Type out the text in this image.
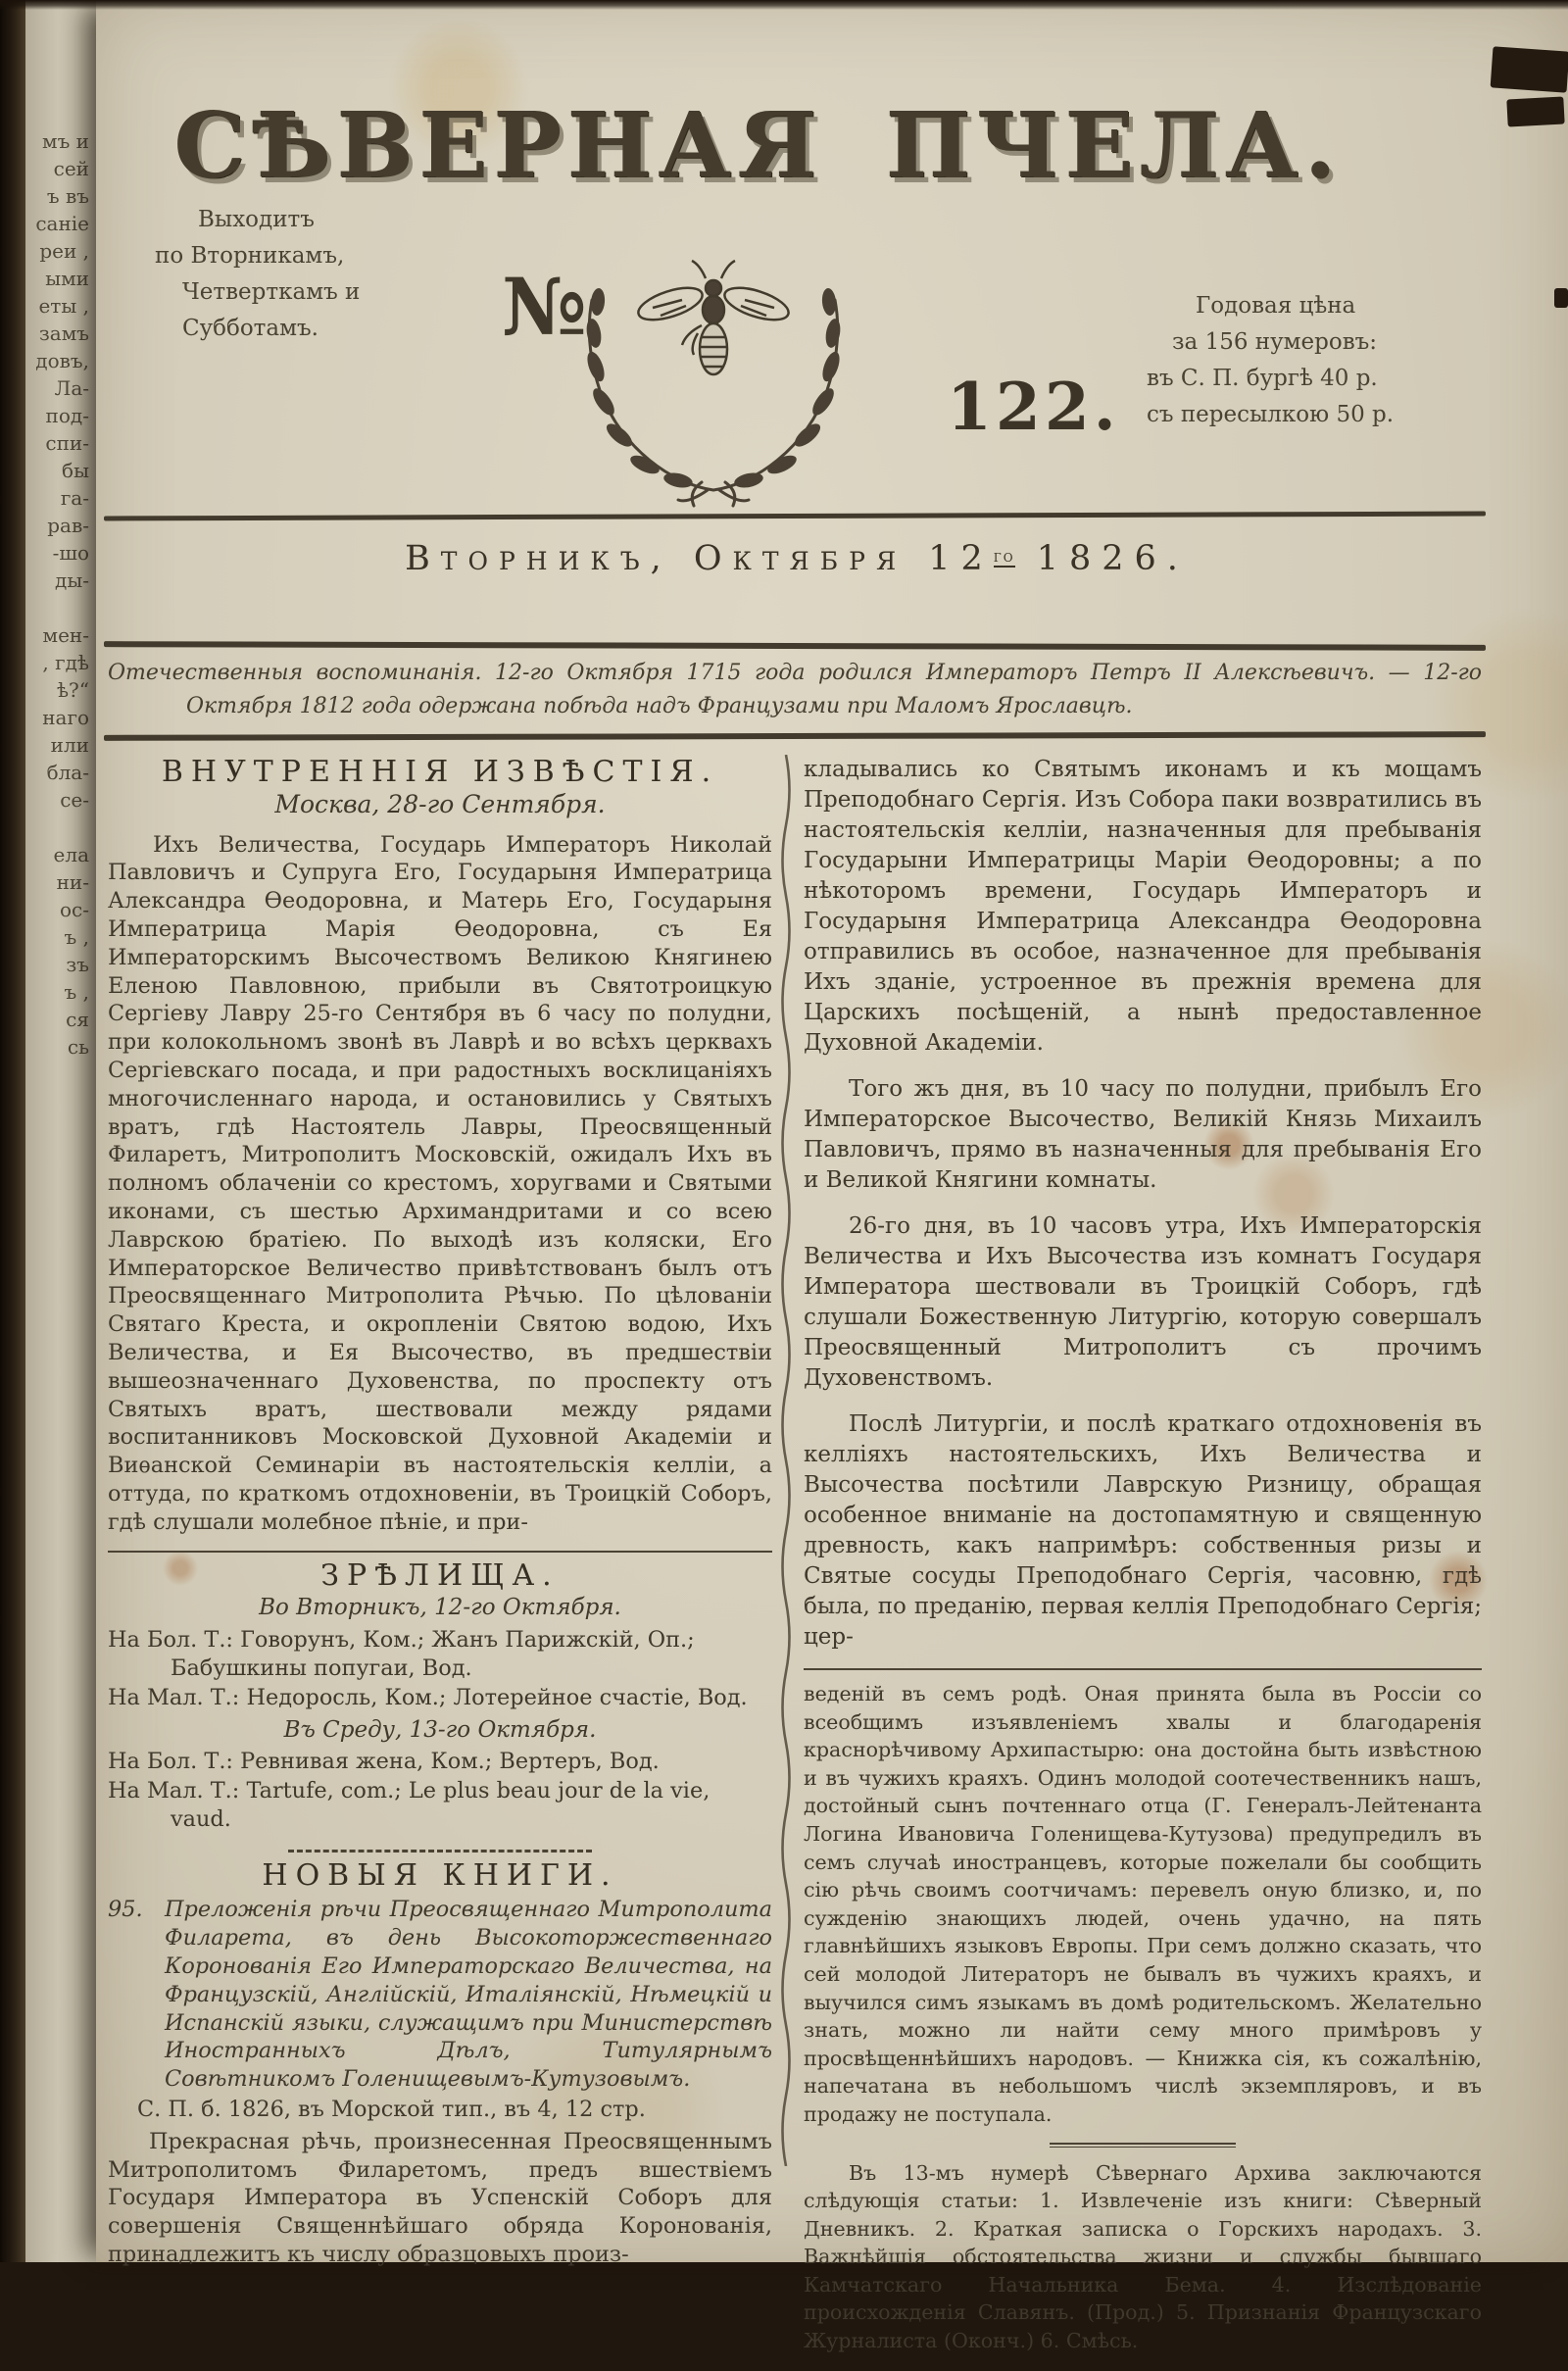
мъ и
сей
ъ въ
саніе
реи ,
ыми
еты ,
замъ
довъ,
Ла-
под-
спи-
бы
га-
рав-
-шо
ды-
мен-
, гдѣ
ѣ?“
наго
или
бла-
се-
ела
ни-
ос-
ъ ,
зъ
ъ ,
ся
сь
СѢВЕРНАЯ ПЧЕЛА.
Выходитъ
по Вторникамъ,
Четверткамъ и
Субботамъ.	№
122.
Годовая цѣна
за 156 нумеровъ:
въ С. П. бургѣ 40 р.
съ пересылкою 50 р.
Вторникъ, Октября $12^{го}$ 1826.
Отечественныя воспоминанія. 12-го Октября 1715 года родился Императоръ Петръ II Алексѣевичъ. — 12-го
Октября 1812 года одержана побѣда надъ Французами при Маломъ Ярославцѣ.
ВНУТРЕННІЯ ИЗВѢСТІЯ.
Москва, 28-го Сентября.

Ихъ Величества, Государь Императоръ Николай Павловичъ и Супруга Его, Государыня Императрица Александра Ѳеодоровна, и Матерь Его, Государыня Императрица Марія Ѳеодоровна, съ Ея Императорскимъ Высочествомъ Великою Княгинею Еленою Павловною, прибыли въ Святотроицкую Сергіеву Лавру 25-го Сентября въ 6 часу по полудни, при колокольномъ звонѣ въ Лаврѣ и во всѣхъ церквахъ Сергіевскаго посада, и при радостныхъ восклицаніяхъ многочисленнаго народа, и остановились у Святыхъ вратъ, гдѣ Настоятель Лавры, Преосвященный Филаретъ, Митрополитъ Московскій, ожидалъ Ихъ въ полномъ облаченіи со крестомъ, хоругвами и Святыми иконами, съ шестью Архимандритами и со всею Лаврскою братіею. По выходѣ изъ коляски, Его Императорское Величество привѣтствованъ былъ отъ Преосвященнаго Митрополита Рѣчью. По цѣлованіи Святаго Креста, и окропленіи Святою водою, Ихъ Величества, и Ея Высочество, въ предшествіи вышеозначеннаго Духовенства, по проспекту отъ Святыхъ вратъ, шествовали между рядами воспитанниковъ Московской Духовной Академіи и Виѳанской Семинаріи въ настоятельскія келліи, а оттуда, по краткомъ отдохновеніи, въ Троицкій Соборъ, гдѣ слушали молебное пѣніе, и при-

ЗРѢЛИЩА.
Во Вторникъ, 12-го Октября.
На Бол. Т.: Говорунъ, Ком.; Жанъ Парижскій, Оп.; Бабушкины попугаи, Вод.
На Мал. Т.: Недоросль, Ком.; Лотерейное счастіе, Вод.
Въ Среду, 13-го Октября.
На Бол. Т.: Ревнивая жена, Ком.; Вертеръ, Вод.
На Мал. Т.: Tartufe, com.; Le plus beau jour de la vie, vaud.
НОВЫЯ КНИГИ.
95. Преложенія рѣчи Преосвященнаго Митрополита Филарета, въ день Высокоторжественнаго Коронованія Его Императорскаго Величества, на Французскій, Англійскій, Италіянскій, Нѣмецкій и Испанскій языки, служащимъ при Министерствѣ Иностранныхъ Дѣлъ, Титулярнымъ Совѣтникомъ Голенищевымъ-Кутузовымъ.
С. П. б. 1826, въ Морской тип., въ 4, 12 стр.

Прекрасная рѣчь, произнесенная Преосвященнымъ Митрополитомъ Филаретомъ, предъ вшествіемъ Государя Императора въ Успенскій Соборъ для совершенія Священнѣйшаго обряда Коронованія, принадлежитъ къ числу образцовыхъ произ-

кладывались ко Святымъ иконамъ и къ мощамъ Преподобнаго Сергія. Изъ Собора паки возвратились въ настоятельскія келліи, назначенныя для пребыванія Государыни Императрицы Маріи Ѳеодоровны; а по нѣкоторомъ времени, Государь Императоръ и Государыня Императрица Александра Ѳеодоровна отправились въ особое, назначенное для пребыванія Ихъ зданіе, устроенное въ прежнія времена для Царскихъ посѣщеній, а нынѣ предоставленное Духовной Академіи.

Того жъ дня, въ 10 часу по полудни, прибылъ Его Императорское Высочество, Великій Князь Михаилъ Павловичъ, прямо въ назначенныя для пребыванія Его и Великой Княгини комнаты.

26-го дня, въ 10 часовъ утра, Ихъ Императорскія Величества и Ихъ Высочества изъ комнатъ Государя Императора шествовали въ Троицкій Соборъ, гдѣ слушали Божественную Литургію, которую совершалъ Преосвященный Митрополитъ съ прочимъ Духовенствомъ.

Послѣ Литургіи, и послѣ краткаго отдохновенія въ келліяхъ настоятельскихъ, Ихъ Величества и Высочества посѣтили Лаврскую Ризницу, обращая особенное вниманіе на достопамятную и священную древность, какъ напримѣръ: собственныя ризы и Святые сосуды Преподобнаго Сергія, часовню, гдѣ была, по преданію, первая келлія Преподобнаго Сергія; цер-

веденій въ семъ родѣ. Оная принята была въ Россіи со всеобщимъ изъявленіемъ хвалы и благодаренія краснорѣчивому Архипастырю: она достойна быть извѣстною и въ чужихъ краяхъ. Одинъ молодой соотечественникъ нашъ, достойный сынъ почтеннаго отца (Г. Генералъ-Лейтенанта Логина Ивановича Голенищева-Кутузова) предупредилъ въ семъ случаѣ иностранцевъ, которые пожелали бы сообщить сію рѣчь своимъ соотчичамъ: перевелъ оную близко, и, по сужденію знающихъ людей, очень удачно, на пять главнѣйшихъ языковъ Европы. При семъ должно сказать, что сей молодой Литераторъ не бывалъ въ чужихъ краяхъ, и выучился симъ языкамъ въ домѣ родительскомъ. Желательно знать, можно ли найти сему много примѣровъ у просвѣщеннѣйшихъ народовъ. — Книжка сія, къ сожалѣнію, напечатана въ небольшомъ числѣ экземпляровъ, и въ продажу не поступала.

Въ 13-мъ нумерѣ Сѣвернаго Архива заключаются слѣдующія статьи: 1. Извлеченіе изъ книги: Сѣверный Дневникъ. 2. Краткая записка о Горскихъ народахъ. 3. Важнѣйшія обстоятельства жизни и службы бывшаго Камчатскаго Начальника Бема. 4. Изслѣдованіе происхожденія Славянъ. (Прод.) 5. Признанія Французскаго Журналиста (Оконч.) 6. Смѣсь.
